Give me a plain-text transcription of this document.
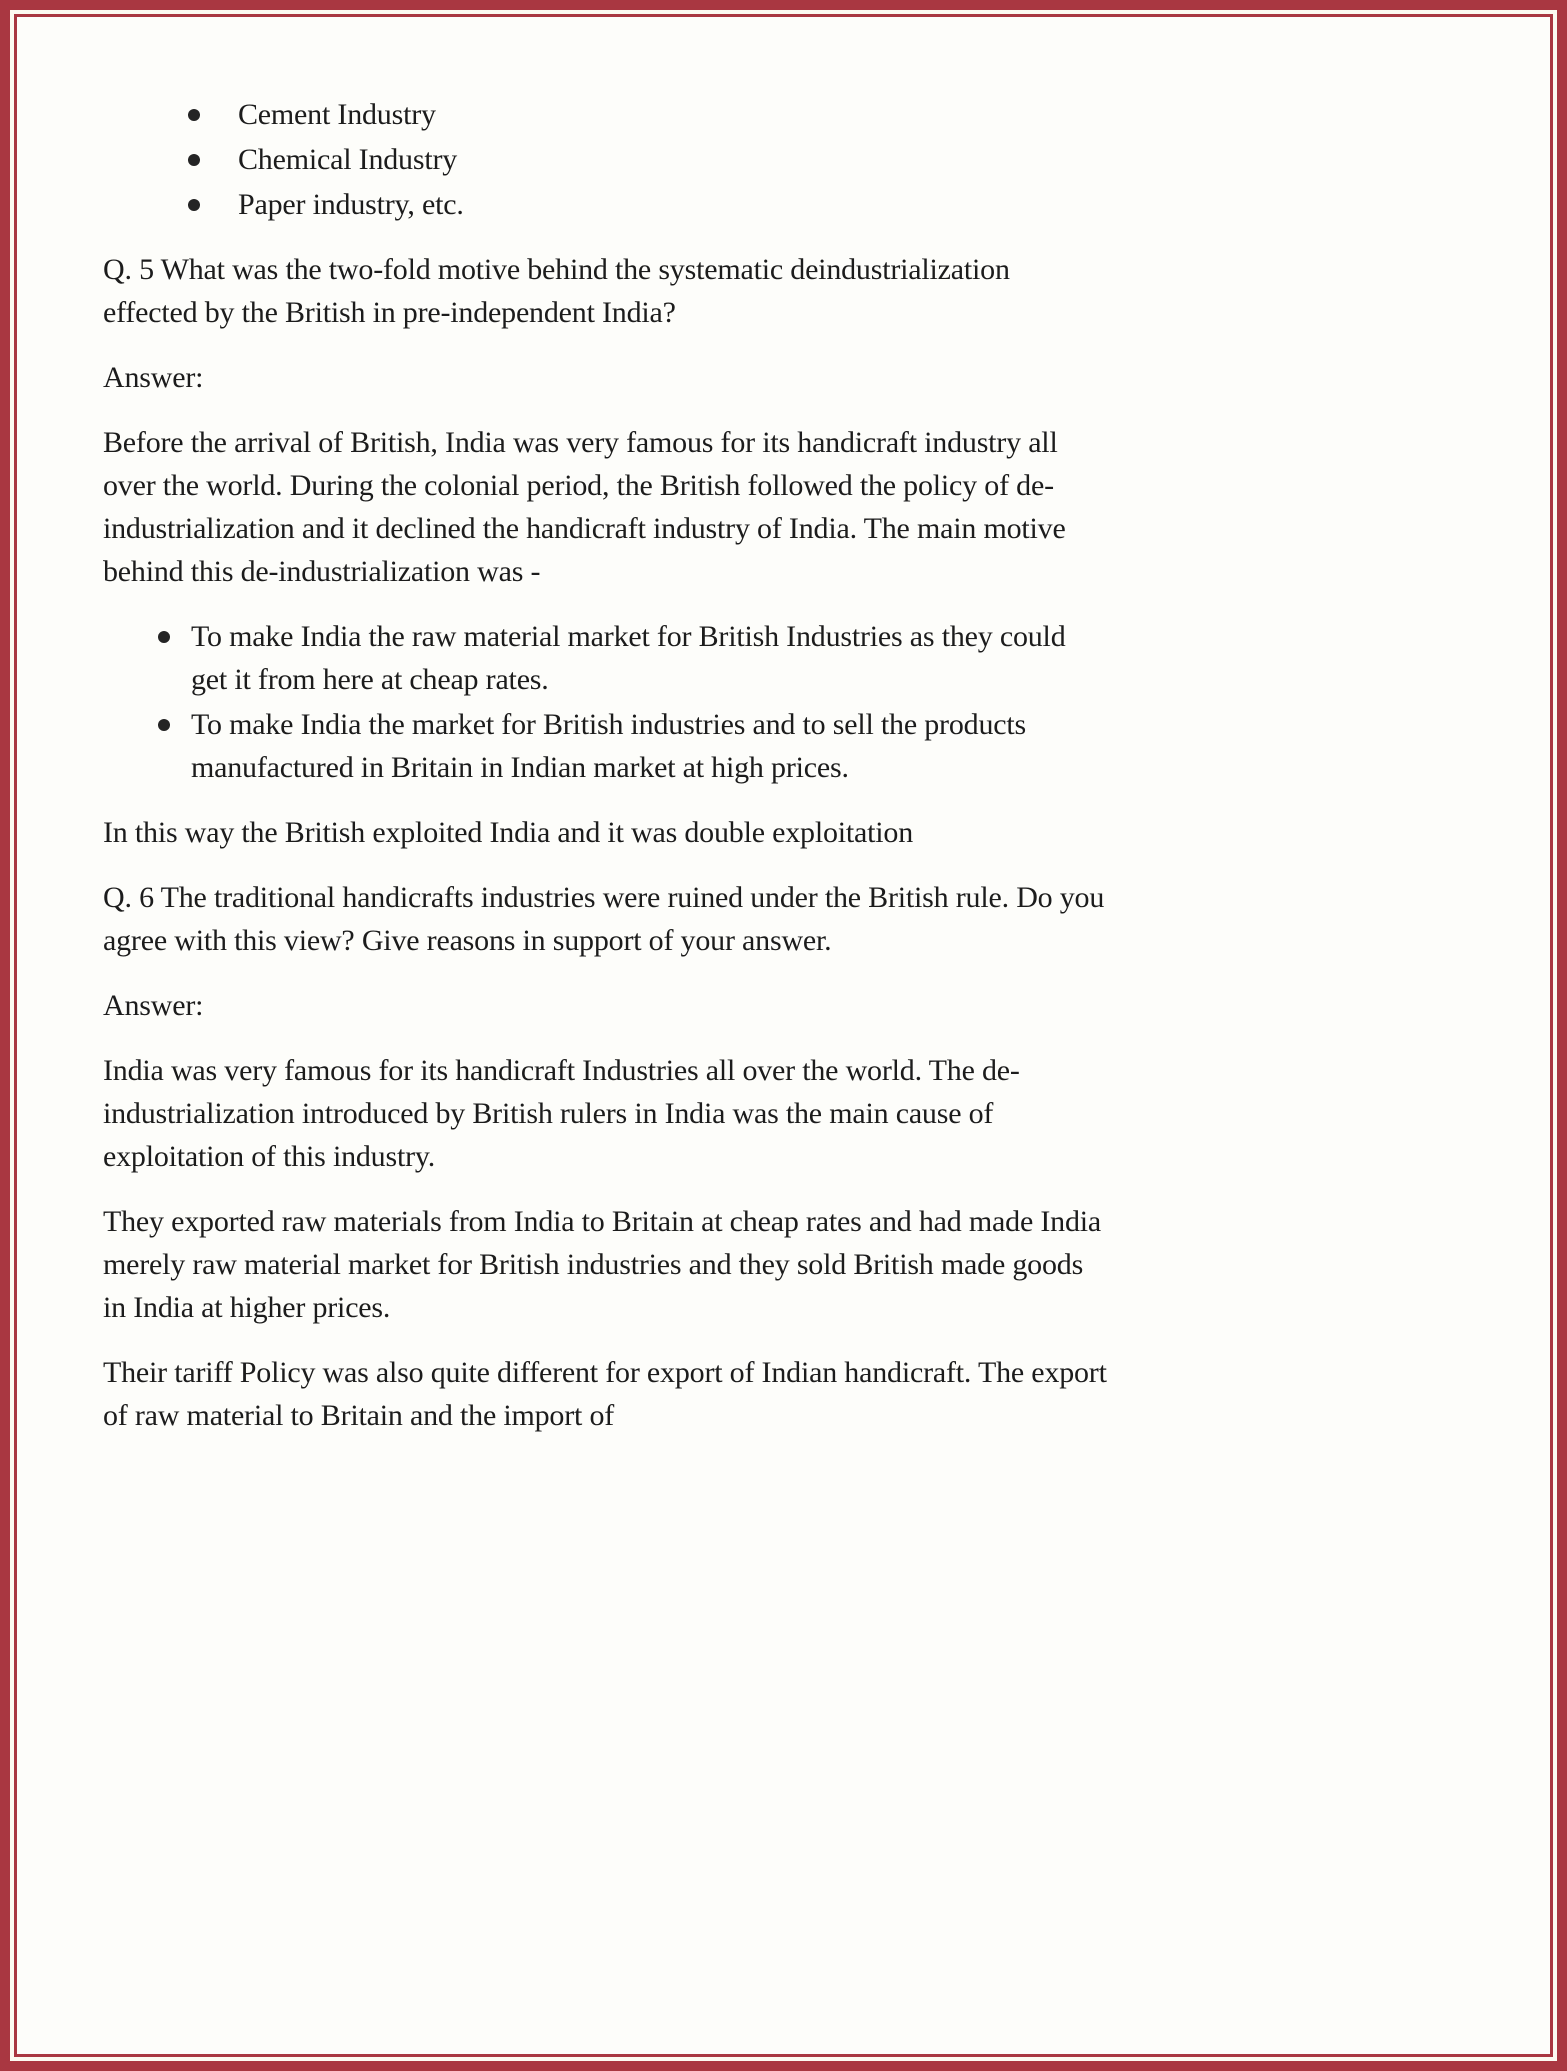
Cement Industry
Chemical Industry
Paper industry, etc.

Q. 5 What was the two-fold motive behind the systematic deindustrialization effected by the British in pre-independent India?

Answer:

Before the arrival of British, India was very famous for its handicraft industry all over the world. During the colonial period, the British followed the policy of de-industrialization and it declined the handicraft industry of India. The main motive behind this de-industrialization was -

To make India the raw material market for British Industries as they could get it from here at cheap rates.
To make India the market for British industries and to sell the products manufactured in Britain in Indian market at high prices.

In this way the British exploited India and it was double exploitation

Q. 6 The traditional handicrafts industries were ruined under the British rule. Do you agree with this view? Give reasons in support of your answer.

Answer:

India was very famous for its handicraft Industries all over the world. The de-industrialization introduced by British rulers in India was the main cause of exploitation of this industry.

They exported raw materials from India to Britain at cheap rates and had made India merely raw material market for British industries and they sold British made goods in India at higher prices.

Their tariff Policy was also quite different for export of Indian handicraft. The export of raw material to Britain and the import of
